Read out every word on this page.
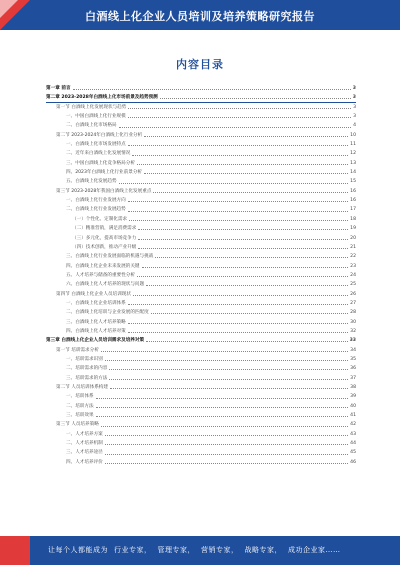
白酒线上化企业人员培训及培养策略研究报告
内容目录
第一章 前言	3
第二章 2023-2028年白酒线上化市场前景及趋势预测	3
第一节 白酒线上化发展现状与趋势	3
一、中国白酒线上化行业规模	3
二、白酒线上化市场格局	4
第二节 2023-2024年白酒线上化行业分析	10
一、白酒线上化市场发展特点	11
二、近年来白酒线上化发展情况	12
三、中国白酒线上化竞争格局分析	13
四、2023年白酒线上化行业前景分析	14
五、白酒线上化发展趋势	15
第三节 2023-2028年我国白酒线上化发展重点	16
一、白酒线上化行业发展方向	16
二、白酒线上化行业发展趋势	17
（一）个性化、定制化需求	18
（二）精准营销，满足消费需求	19
（三）多元化，提高市场竞争力	20
（四）技术创新，推动产业升级	21
三、白酒线上化行业发展面临的机遇与挑战	22
四、白酒线上化企业未来发展的关键	23
五、人才培养与储备的重要性分析	24
六、白酒线上化人才培养的现状与问题	25
第四节 白酒线上化企业人员培训现状	26
一、白酒线上化企业培训体系	27
二、白酒线上化培训与企业发展的匹配度	28
三、白酒线上化人才培养策略	30
四、白酒线上化人才培养对策	32
第三章 白酒线上化企业人员培训需求及培养对策	33
第一节 培训需求分析	34
一、培训需求识别	35
二、培训需求的内容	36
三、培训需求的方法	37
第二节 人员培训体系构建	38
一、培训体系	39
二、培训方法	40
三、培训效果	41
第三节 人员培养策略	42
一、人才培养方案	43
二、人才培养机制	44
三、人才培养途径	45
四、人才培养评价	46
让每个人都能成为 行业专家， 管理专家， 营销专家， 战略专家， 成功企业家……
